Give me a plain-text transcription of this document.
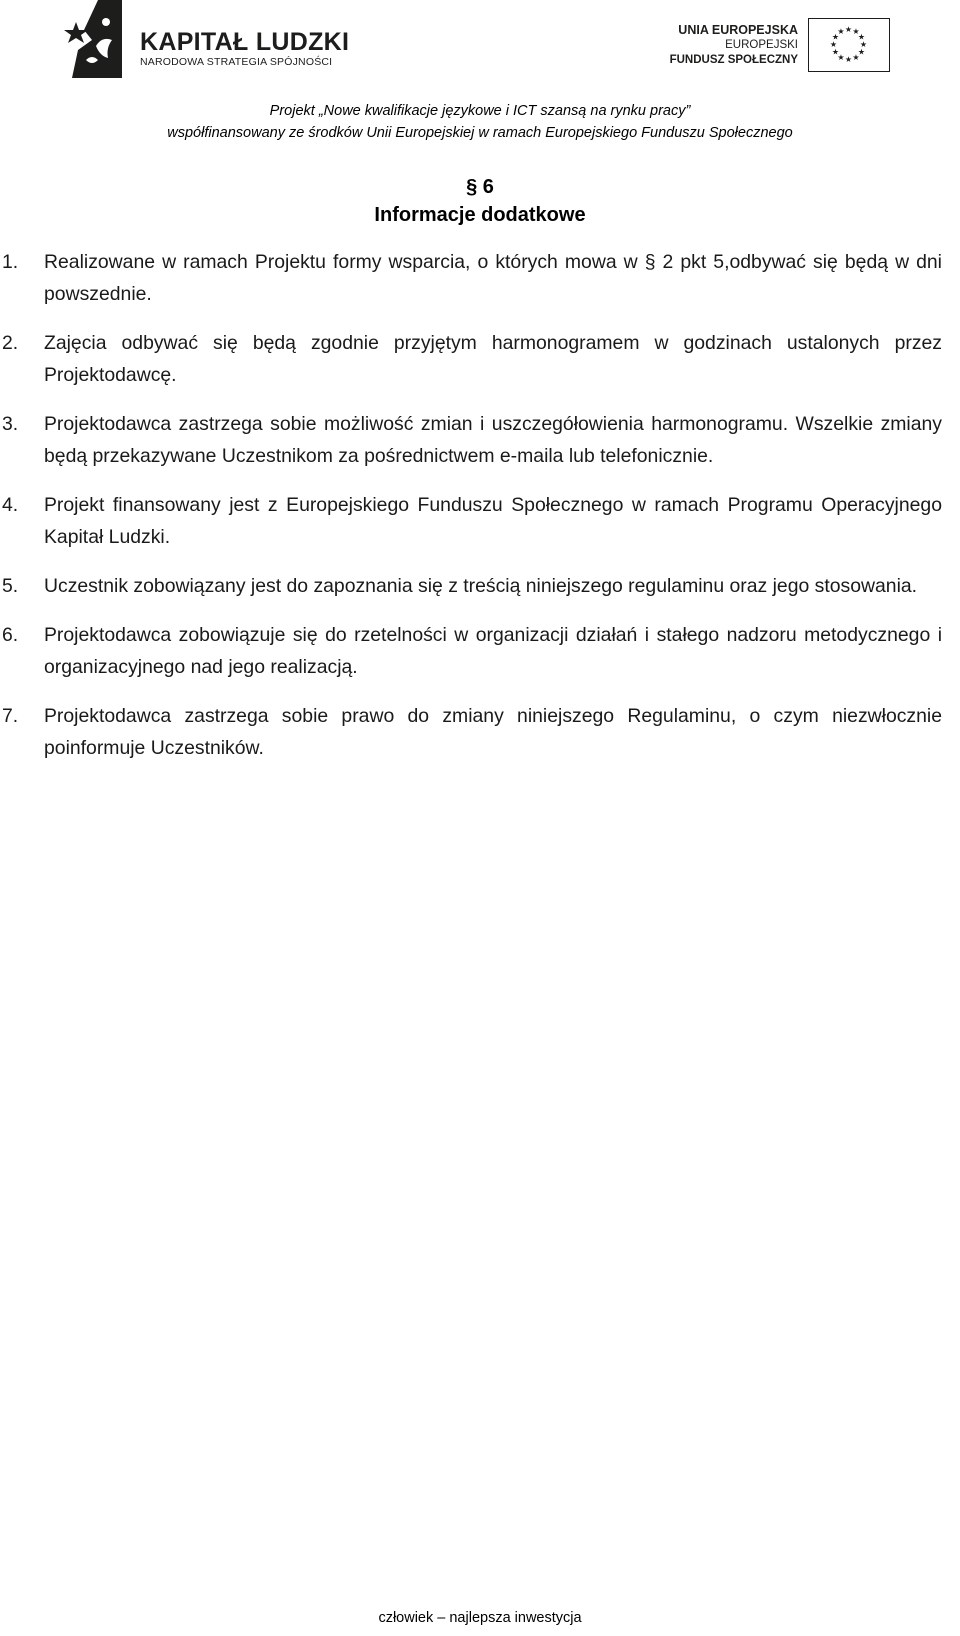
KAPITAŁ LUDZKI
NARODOWA STRATEGIA SPÓJNOŚCI
UNIA EUROPEJSKA
EUROPEJSKI
FUNDUSZ SPOŁECZNY
★ ★
★
★
★
★
★
★
★
★
★
★
Projekt „Nowe kwalifikacje językowe i ICT szansą na rynku pracy”
współfinansowany ze środków Unii Europejskiej w ramach Europejskiego Funduszu Społecznego
§ 6
Informacje dodatkowe
1. Realizowane w ramach Projektu formy wsparcia, o których mowa w § 2 pkt 5,odbywać się będą w dni powszednie.
2. Zajęcia odbywać się będą zgodnie przyjętym harmonogramem w godzinach ustalonych przez Projektodawcę.
3. Projektodawca zastrzega sobie możliwość zmian i uszczegółowienia harmonogramu. Wszelkie zmiany będą przekazywane Uczestnikom za pośrednictwem e-maila lub telefonicznie.
4. Projekt finansowany jest z Europejskiego Funduszu Społecznego w ramach Programu Operacyjnego Kapitał Ludzki.
5. Uczestnik zobowiązany jest do zapoznania się z treścią niniejszego regulaminu oraz jego stosowania.
6. Projektodawca zobowiązuje się do rzetelności w organizacji działań i stałego nadzoru metodycznego i organizacyjnego nad jego realizacją.
7. Projektodawca zastrzega sobie prawo do zmiany niniejszego Regulaminu, o czym niezwłocznie poinformuje Uczestników.
człowiek – najlepsza inwestycja
